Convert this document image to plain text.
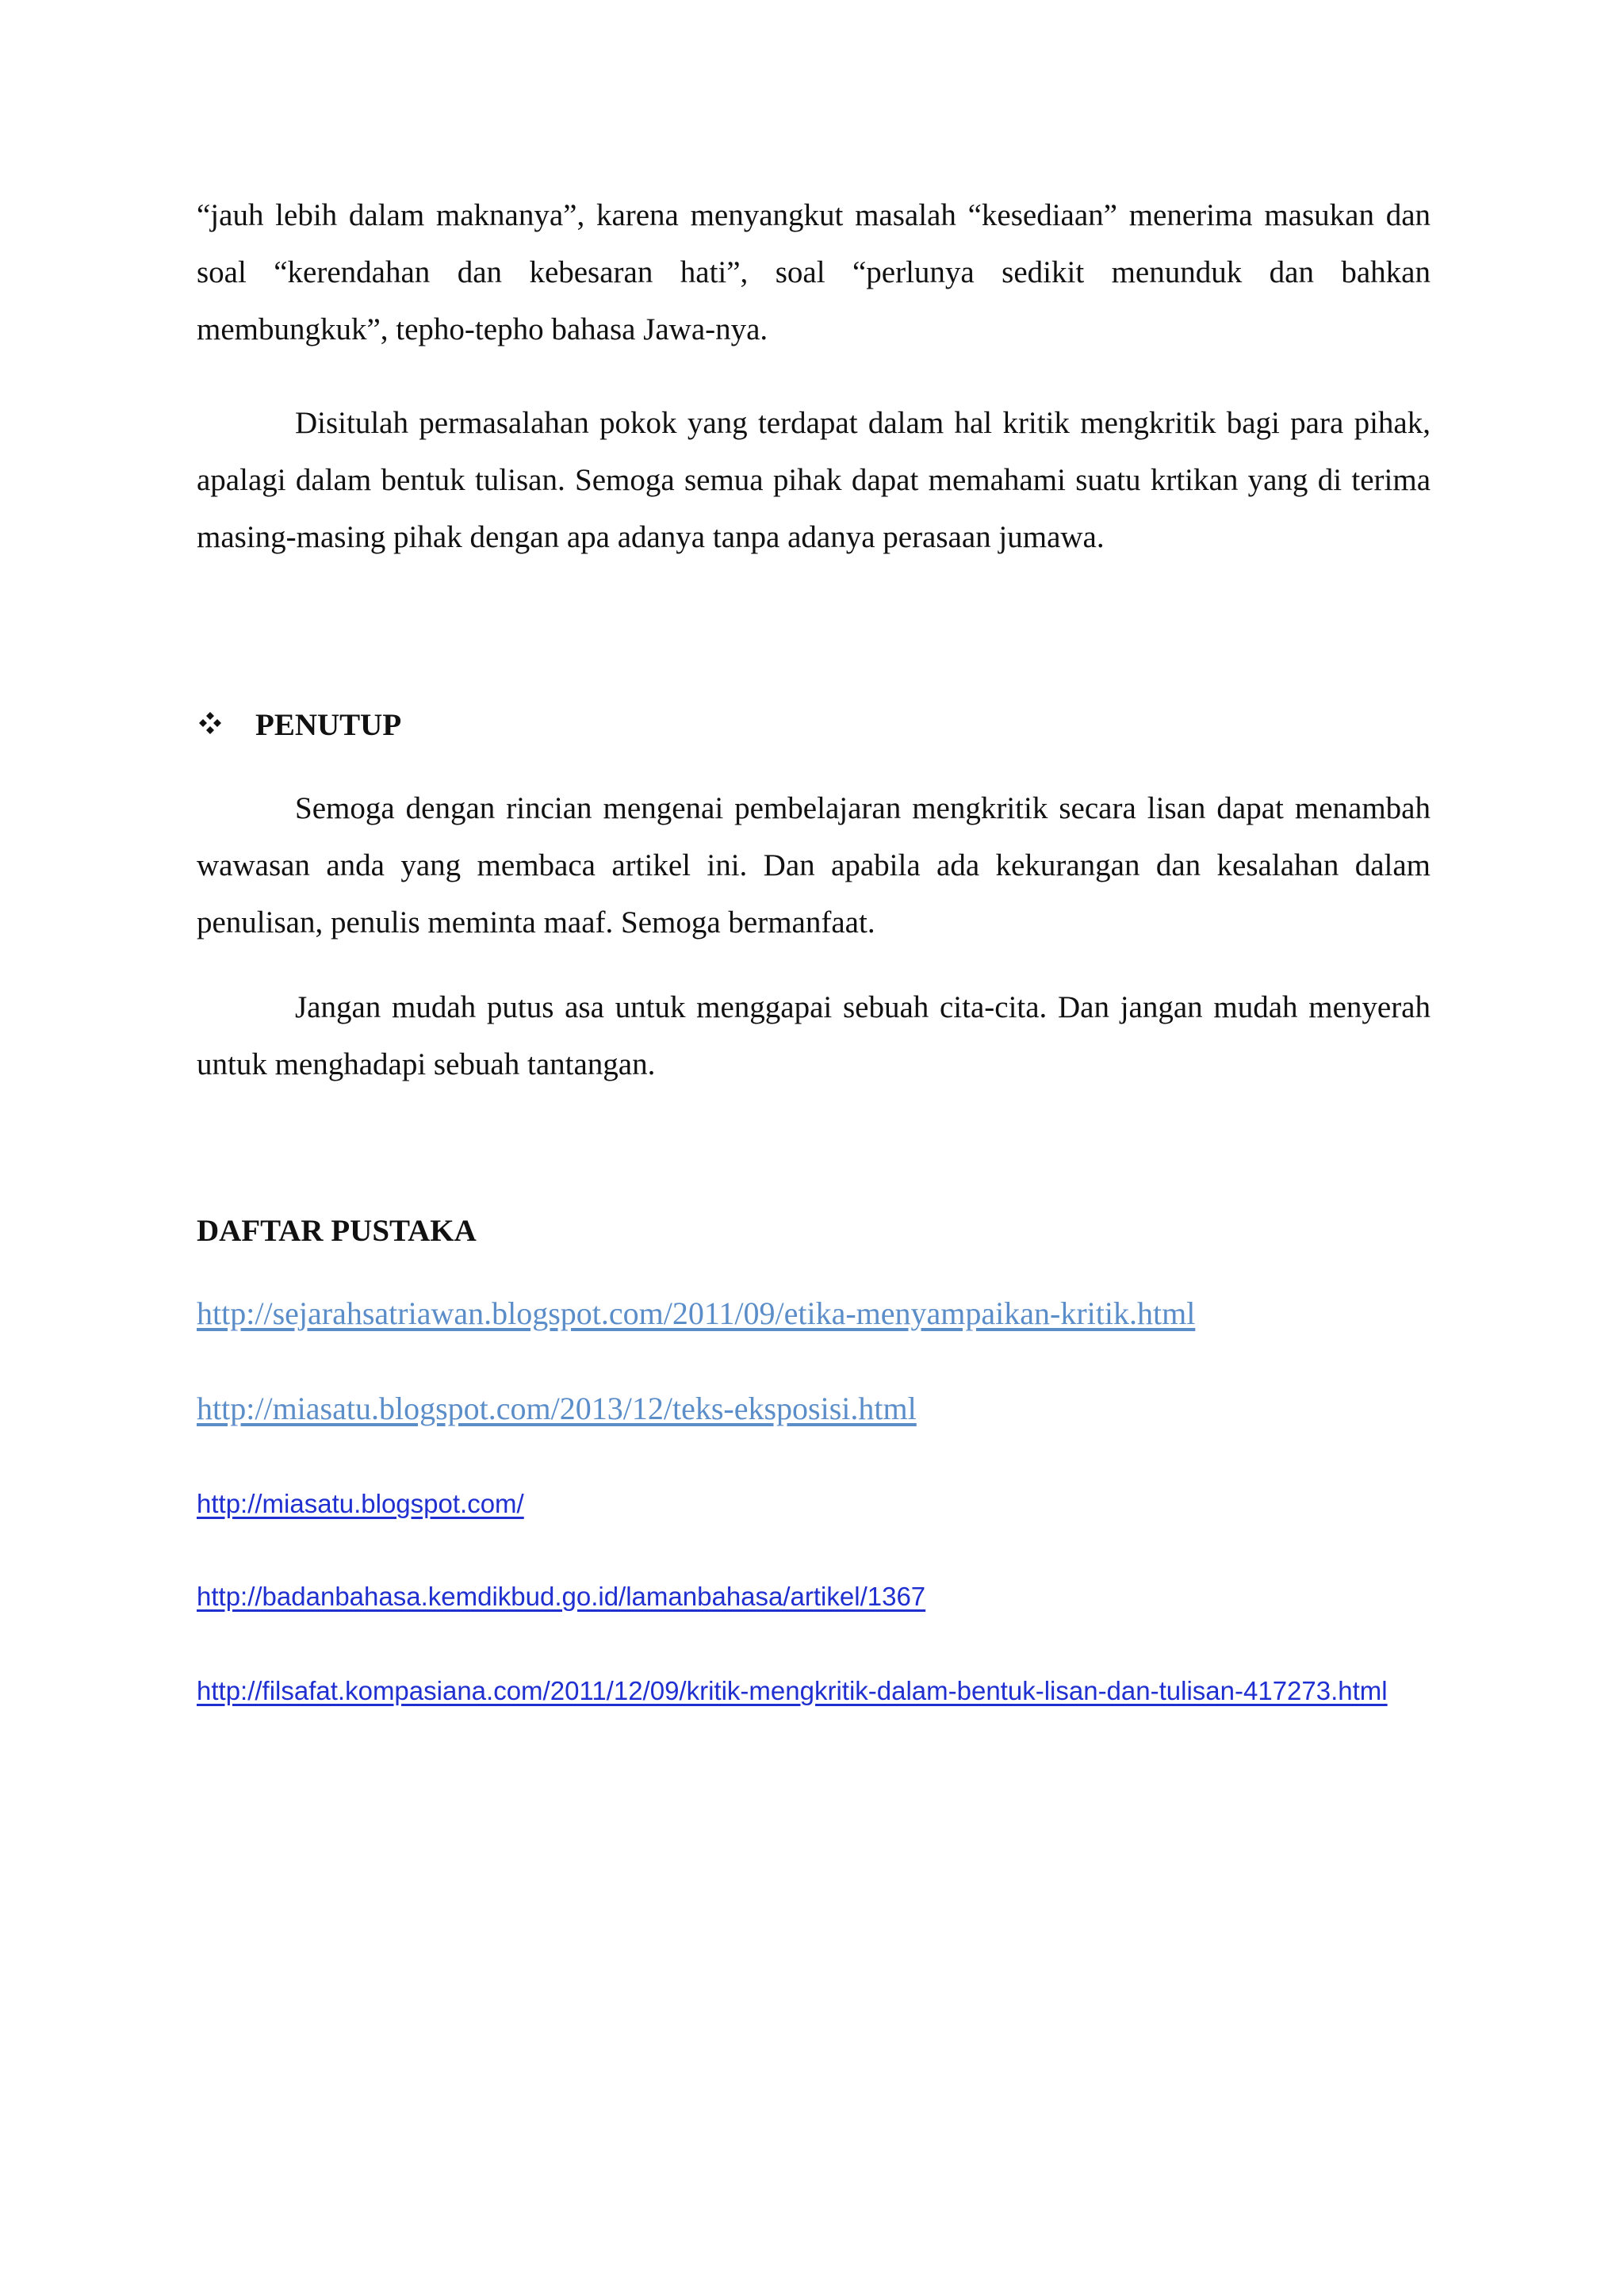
“jauh lebih dalam maknanya”, karena menyangkut masalah “kesediaan” menerima masukan dan soal “kerendahan dan kebesaran hati”, soal “perlunya sedikit menunduk dan bahkan membungkuk”, tepho-tepho bahasa Jawa-nya.

Disitulah permasalahan pokok yang terdapat dalam hal kritik mengkritik bagi para pihak, apalagi dalam bentuk tulisan. Semoga semua pihak dapat memahami suatu krtikan yang di terima masing-masing pihak dengan apa adanya tanpa adanya perasaan jumawa.

PENUTUP

Semoga dengan rincian mengenai pembelajaran mengkritik secara lisan dapat menambah wawasan anda yang membaca artikel ini. Dan apabila ada kekurangan dan kesalahan dalam penulisan, penulis meminta maaf. Semoga bermanfaat.

Jangan mudah putus asa untuk menggapai sebuah cita-cita. Dan jangan mudah menyerah untuk menghadapi sebuah tantangan.

DAFTAR PUSTAKA
http://sejarahsatriawan.blogspot.com/2011/09/etika-menyampaikan-kritik.html
http://miasatu.blogspot.com/2013/12/teks-eksposisi.html
http://miasatu.blogspot.com/
http://badanbahasa.kemdikbud.go.id/lamanbahasa/artikel/1367
http://filsafat.kompasiana.com/2011/12/09/kritik-mengkritik-dalam-bentuk-lisan-dan-tulisan-417273.html
